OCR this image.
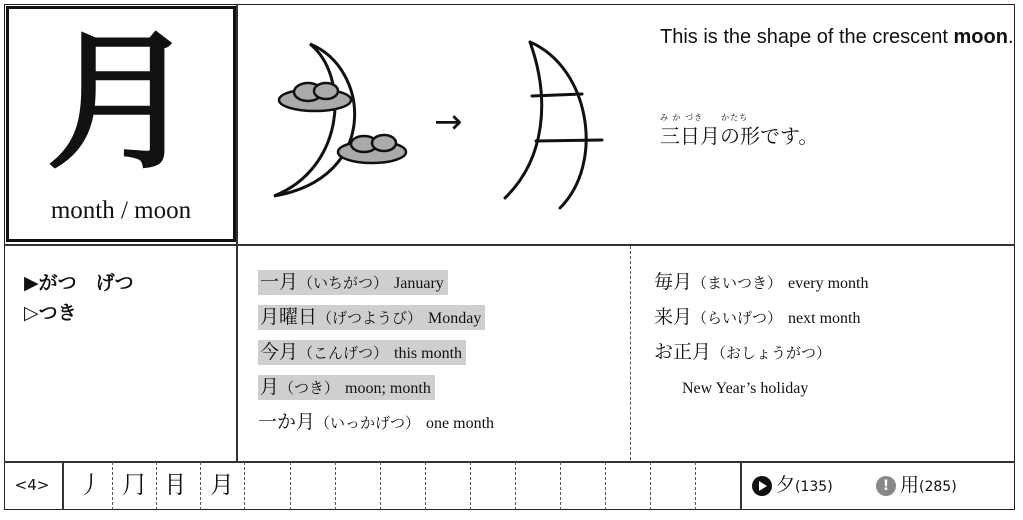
月
month / moon
→
This is the shape of the crescent moon.
み か づき　　かたち
三日月の形です。
▶がつ　げつ
▷つき
一月（いちがつ） January
月曜日（げつようび） Monday
今月（こんげつ） this month
月（つき） moon; month
一か月（いっかげつ） one month
毎月（まいつき） every month
来月（らいげつ） next month
お正月（おしょうがつ）
New Year’s holiday
<4>	丿 ⺆ ⺝ 月	夕(135)	! 用(285)
